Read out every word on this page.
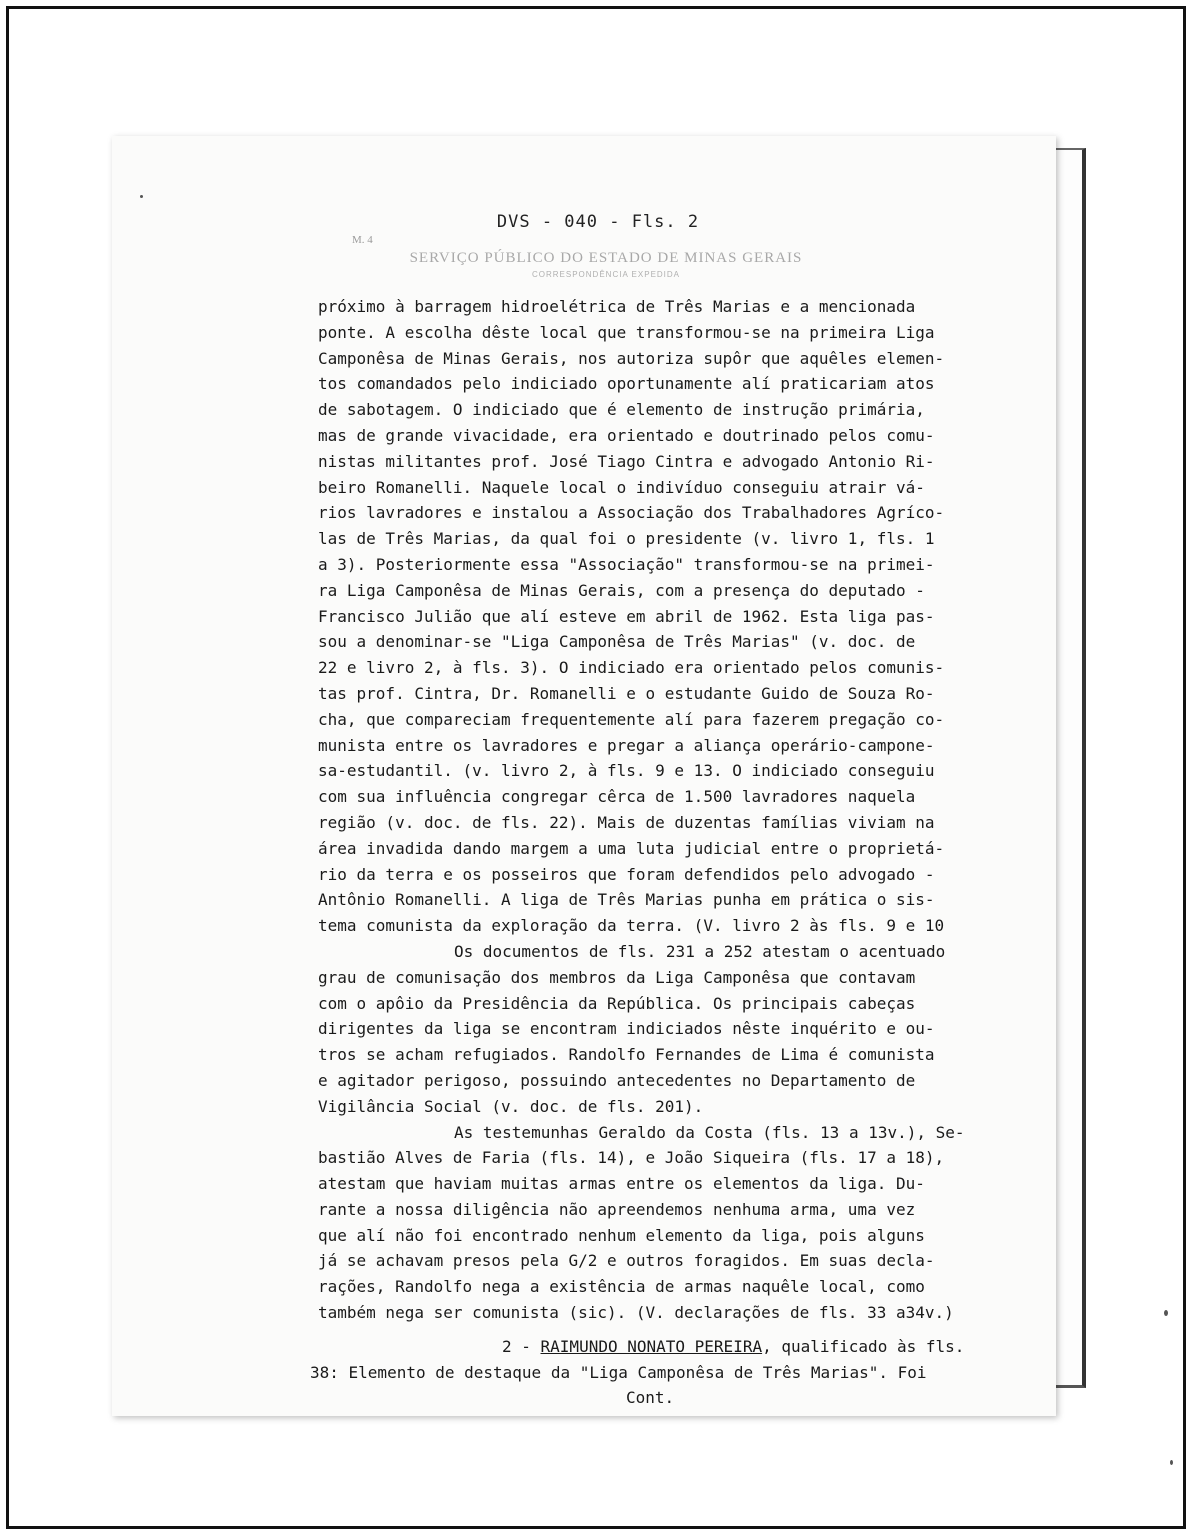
DVS - 040 - Fls. 2
M. 4
SERVIÇO PÚBLICO DO ESTADO DE MINAS GERAIS
CORRESPONDÊNCIA EXPEDIDA
próximo à barragem hidroelétrica de Três Marias e a mencionada
ponte. A escolha dêste local que transformou-se na primeira Liga
Camponêsa de Minas Gerais, nos autoriza supôr que aquêles elemen-
tos comandados pelo indiciado oportunamente alí praticariam atos
de sabotagem. O indiciado que é elemento de instrução primária,
mas de grande vivacidade, era orientado e doutrinado pelos comu-
nistas militantes prof. José Tiago Cintra e advogado Antonio Ri-
beiro Romanelli. Naquele local o indivíduo conseguiu atrair vá-
rios lavradores e instalou a Associação dos Trabalhadores Agríco-
las de Três Marias, da qual foi o presidente (v. livro 1, fls. 1
a 3). Posteriormente essa "Associação" transformou-se na primei-
ra Liga Camponêsa de Minas Gerais, com a presença do deputado -
Francisco Julião que alí esteve em abril de 1962. Esta liga pas-
sou a denominar-se "Liga Camponêsa de Três Marias" (v. doc. de
22 e livro 2, à fls. 3). O indiciado era orientado pelos comunis-
tas prof. Cintra, Dr. Romanelli e o estudante Guido de Souza Ro-
cha, que compareciam frequentemente alí para fazerem pregação co-
munista entre os lavradores e pregar a aliança operário-campone-
sa-estudantil. (v. livro 2, à fls. 9 e 13. O indiciado conseguiu
com sua influência congregar cêrca de 1.500 lavradores naquela
região (v. doc. de fls. 22). Mais de duzentas famílias viviam na
área invadida dando margem a uma luta judicial entre o proprietá-
rio da terra e os posseiros que foram defendidos pelo advogado -
Antônio Romanelli. A liga de Três Marias punha em prática o sis-
tema comunista da exploração da terra. (V. livro 2 às fls. 9 e 10
Os documentos de fls. 231 a 252 atestam o acentuado
grau de comunisação dos membros da Liga Camponêsa que contavam
com o apôio da Presidência da República. Os principais cabeças
dirigentes da liga se encontram indiciados nêste inquérito e ou-
tros se acham refugiados. Randolfo Fernandes de Lima é comunista
e agitador perigoso, possuindo antecedentes no Departamento de
Vigilância Social (v. doc. de fls. 201).
As testemunhas Geraldo da Costa (fls. 13 a 13v.), Se-
bastião Alves de Faria (fls. 14), e João Siqueira (fls. 17 a 18),
atestam que haviam muitas armas entre os elementos da liga. Du-
rante a nossa diligência não apreendemos nenhuma arma, uma vez
que alí não foi encontrado nenhum elemento da liga, pois alguns
já se achavam presos pela G/2 e outros foragidos. Em suas decla-
rações, Randolfo nega a existência de armas naquêle local, como
também nega ser comunista (sic). (V. declarações de fls. 33 a34v.)
2 - RAIMUNDO NONATO PEREIRA, qualificado às fls.
38: Elemento de destaque da "Liga Camponêsa de Três Marias". Foi
Cont.
